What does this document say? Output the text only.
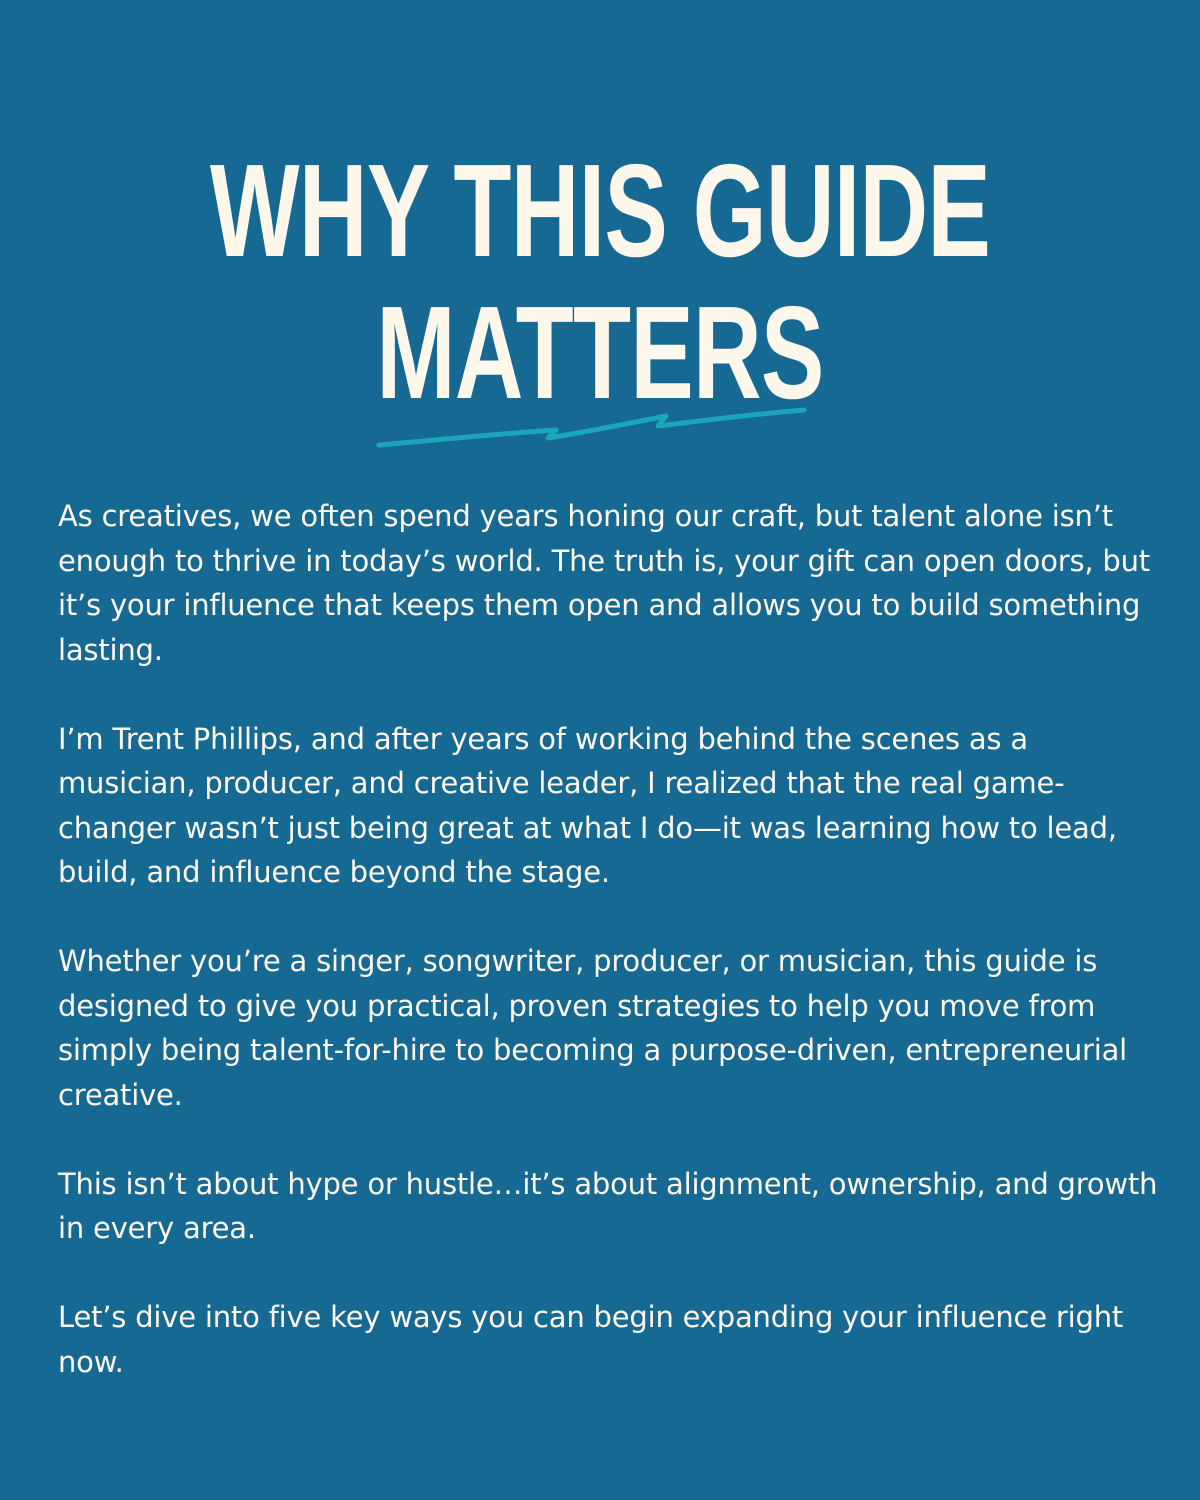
WHY THIS GUIDE
MATTERS

As creatives, we often spend years honing our craft, but talent alone isn’t enough to thrive in today’s world. The truth is, your gift can open doors, but it’s your influence that keeps them open and allows you to build something lasting.

I’m Trent Phillips, and after years of working behind the scenes as a musician, producer, and creative leader, I realized that the real game-changer wasn’t just being great at what I do—it was learning how to lead, build, and influence beyond the stage.

Whether you’re a singer, songwriter, producer, or musician, this guide is designed to give you practical, proven strategies to help you move from simply being talent-for-hire to becoming a purpose-driven, entrepreneurial creative.

This isn’t about hype or hustle…it’s about alignment, ownership, and growth in every area.

Let’s dive into five key ways you can begin expanding your influence right now.
